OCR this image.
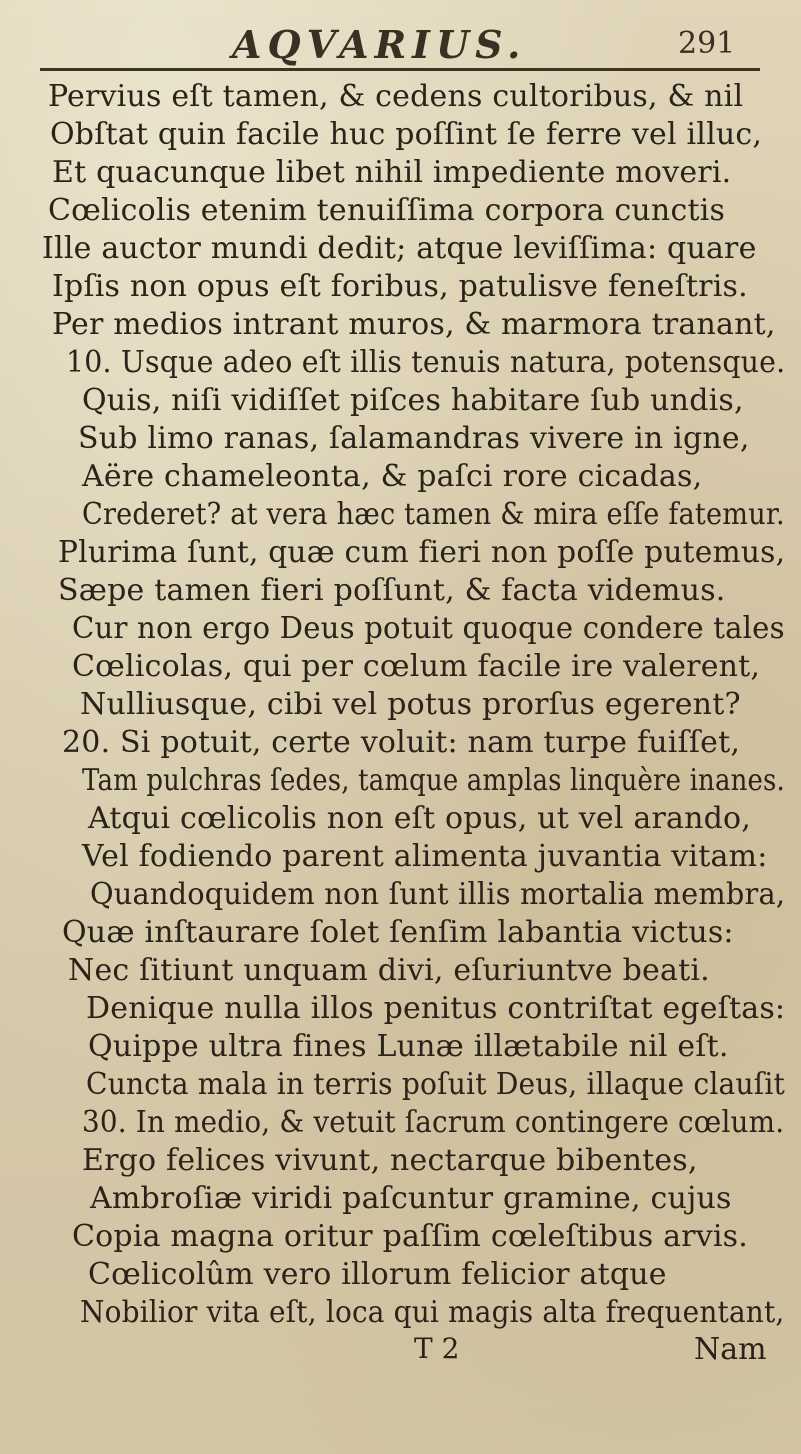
AQVARIUS.	291
Pervius eſt tamen, & cedens cultoribus, & nil
Obſtat quin facile huc poſſint ſe ferre vel illuc,
Et quacunque libet nihil impediente moveri.
Cœlicolis etenim tenuiſſima corpora cunctis
Ille auctor mundi dedit; atque leviſſima: quare
Ipſis non opus eſt foribus, patulisve feneſtris.
Per medios intrant muros, & marmora tranant,
10. Usque adeo eſt illis tenuis natura, potensque.
Quis, niſi vidiſſet piſces habitare ſub undis,
Sub limo ranas, ſalamandras vivere in igne,
Aëre chameleonta, & paſci rore cicadas,
Crederet? at vera hæc tamen & mira eſſe fatemur.
Plurima ſunt, quæ cum fieri non poſſe putemus,
Sæpe tamen fieri poſſunt, & facta videmus.
Cur non ergo Deus potuit quoque condere tales
Cœlicolas, qui per cœlum facile ire valerent,
Nulliusque, cibi vel potus prorſus egerent?
20. Si potuit, certe voluit: nam turpe fuiſſet,
Tam pulchras ſedes, tamque amplas linquère inanes.
Atqui cœlicolis non eſt opus, ut vel arando,
Vel fodiendo parent alimenta juvantia vitam:
Quandoquidem non ſunt illis mortalia membra,
Quæ inſtaurare ſolet ſenſim labantia victus:
Nec ſitiunt unquam divi, eſuriuntve beati.
Denique nulla illos penitus contriſtat egeſtas:
Quippe ultra fines Lunæ illætabile nil eſt.
Cuncta mala in terris poſuit Deus, illaque clauſit
30. In medio, & vetuit ſacrum contingere cœlum.
Ergo felices vivunt, nectarque bibentes,
Ambroſiæ viridi paſcuntur gramine, cujus
Copia magna oritur paſſim cœleſtibus arvis.
Cœlicolûm vero illorum felicior atque
Nobilior vita eſt, loca qui magis alta frequentant,
T 2	Nam
